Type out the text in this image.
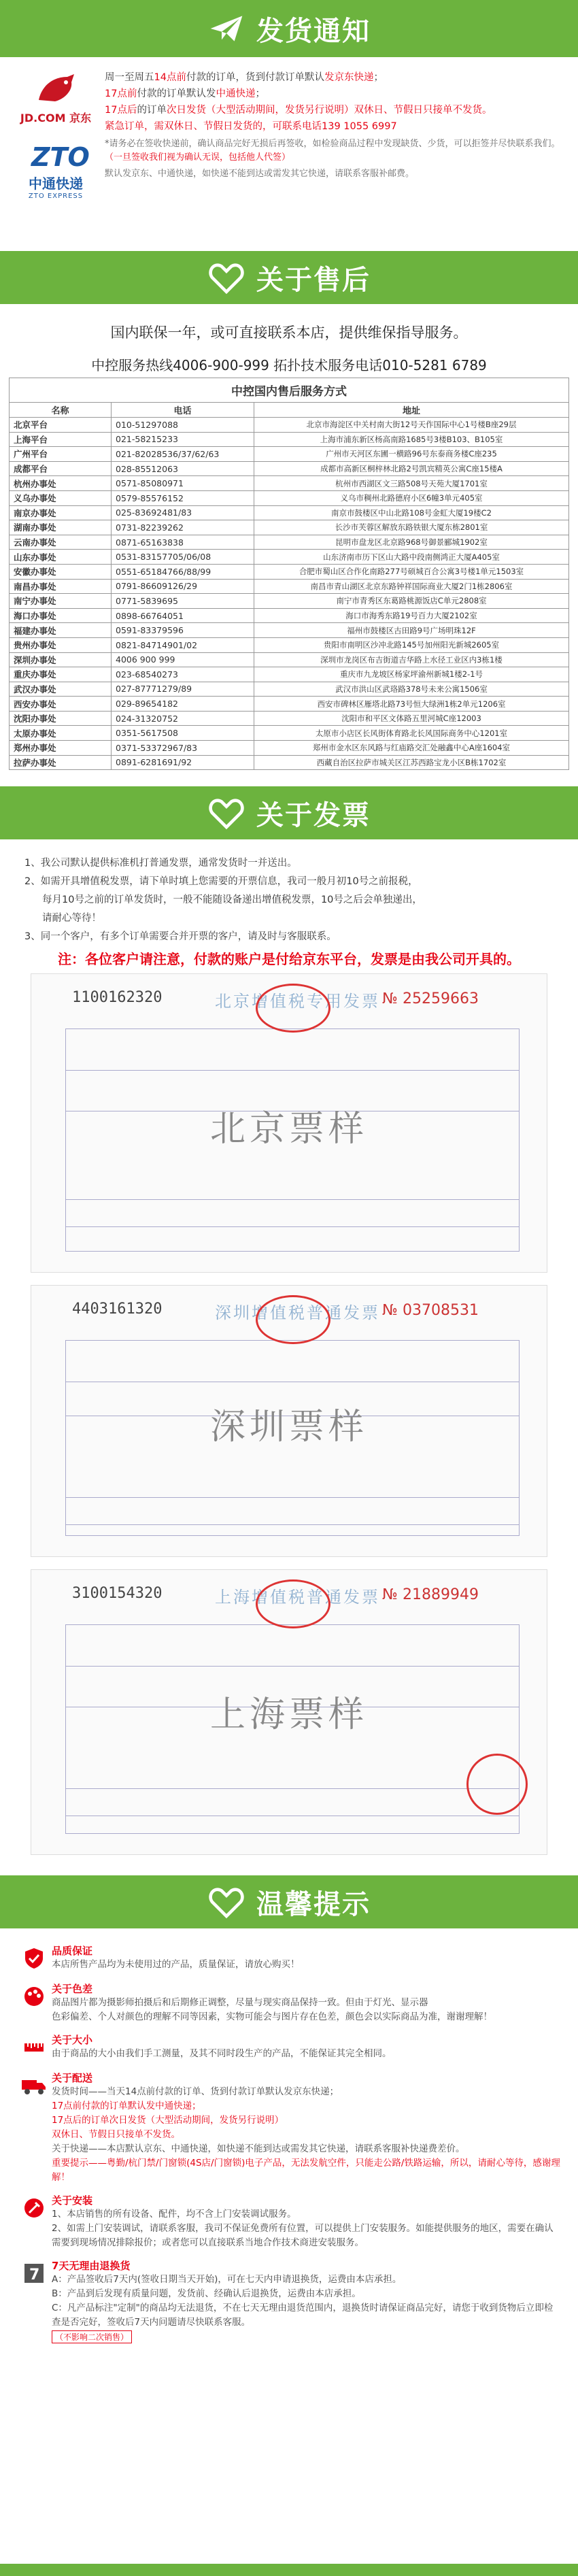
发货通知
JD.COM 京东
ZTO
中通快递
ZTO EXPRESS

周一至周五14点前付款的订单，货到付款订单默认发京东快递；

17点前付款的订单默认发中通快递；

17点后的订单次日发货（大型活动期间，发货另行说明）双休日、节假日只接单不发货。

紧急订单，需双休日、节假日发货的，可联系电话139 1055 6997

*请务必在签收快递前，确认商品完好无损后再签收，如检验商品过程中发现缺货、少货，可以拒签并尽快联系我们。（一旦签收我们视为确认无误，包括他人代签）

默认发京东、中通快递，如快递不能到达或需发其它快递，请联系客服补邮费。

关于售后

国内联保一年，或可直接联系本店，提供维保指导服务。

中控服务热线4006-900-999 拓扑技术服务电话010-5281 6789

中控国内售后服务方式
名称	电话	地址
北京平台	010-51297088	北京市海淀区中关村南大街12号天作国际中心1号楼B座29层
上海平台	021-58215233	上海市浦东新区杨高南路1685号3楼B103、B105室
广州平台	021-82028536/37/62/63	广州市天河区东圃一横路96号东泰商务楼C座235
成都平台	028-85512063	成都市高新区桐梓林北路2号凯宾精英公寓C座15楼A
杭州办事处	0571-85080971	杭州市西湖区文三路508号天苑大厦1701室
义乌办事处	0579-85576152	义乌市稠州北路德府小区6幢3单元405室
南京办事处	025-83692481/83	南京市鼓楼区中山北路108号金虹大厦19楼C2
湖南办事处	0731-82239262	长沙市芙蓉区解放东路铁银大厦东栋2801室
云南办事处	0871-65163838	昆明市盘龙区北京路968号御景郦城1902室
山东办事处	0531-83157705/06/08	山东济南市历下区山大路中段南侧鸿正大厦A405室
安徽办事处	0551-65184766/88/99	合肥市蜀山区合作化南路277号硕城百合公寓3号楼1单元1503室
南昌办事处	0791-86609126/29	南昌市青山湖区北京东路钟祥国际商业大厦2门1栋2806室
南宁办事处	0771-5839695	南宁市青秀区东葛路桃源饭店C单元2808室
海口办事处	0898-66764051	海口市海秀东路19号百力大厦2102室
福建办事处	0591-83379596	福州市鼓楼区古田路9号广场明珠12F
贵州办事处	0821-84714901/02	贵阳市南明区沙冲北路145号加州阳光新城2605室
深圳办事处	4006 900 999	深圳市龙岗区布吉街道吉华路上水径工业区内3栋1楼
重庆办事处	023-68540273	重庆市九龙坡区杨家坪渝州新城1楼2-1号
武汉办事处	027-87771279/89	武汉市洪山区武珞路378号未来公寓1506室
西安办事处	029-89654182	西安市碑林区雁塔北路73号恒大绿洲1栋2单元1206室
沈阳办事处	024-31320752	沈阳市和平区文体路五里河城C座12003
太原办事处	0351-5617508	太原市小店区长风街体育路北长风国际商务中心1201室
郑州办事处	0371-53372967/83	郑州市金水区东风路与红庙路交汇处融鑫中心A座1604室
拉萨办事处	0891-6281691/92	西藏自治区拉萨市城关区江苏西路宝龙小区B栋1702室
关于发票

1、我公司默认提供标准机打普通发票，通常发货时一并送出。

2、如需开具增值税发票，请下单时填上您需要的开票信息，我司一般月初10号之前报税，

每月10号之前的订单发货时，一般不能随设备递出增值税发票，10号之后会单独递出，

请耐心等待！

3、同一个客户，有多个订单需要合并开票的客户，请及时与客服联系。

注：各位客户请注意，付款的账户是付给京东平台，发票是由我公司开具的。

1100162320	北京增值税专用发票 № 25259663
北京票样
4403161320	深圳增值税普通发票 № 03708531
深圳票样
3100154320	上海增值税普通发票 № 21889949
上海票样
温馨提示
品质保证

本店所售产品均为未使用过的产品，质量保证，请放心购买！

关于色差

商品图片都为摄影师拍摄后和后期修正调整，尽量与现实商品保持一致。但由于灯光、显示器

色彩偏差、个人对颜色的理解不同等因素，实物可能会与图片存在色差，颜色会以实际商品为准，谢谢理解！

关于大小

由于商品的大小由我们手工测量，及其不同时段生产的产品，不能保证其完全相同。

关于配送

发货时间——当天14点前付款的订单、货到付款订单默认发京东快递；

17点前付款的订单默认发中通快递；

17点后的订单次日发货（大型活动期间，发货另行说明）

双休日、节假日只接单不发货。

关于快递——本店默认京东、中通快递，如快递不能到达或需发其它快递，请联系客服补快递费差价。

重要提示——粤勤/杭门禁/门窗锁(4S店/门窗锁)电子产品，无法发航空件，只能走公路/铁路运输，所以，请耐心等待，感谢理解！

关于安装

1、本店销售的所有设备、配件，均不含上门安装调试服务。

2、如需上门安装调试，请联系客服，我司不保证免费所有位置，可以提供上门安装服务。如能提供服务的地区，需要在确认需要到现场情况排除报价；或者您可以直接联系当地合作技术商进安装服务。

7
7天无理由退换货

A：产品签收后7天内(签收日期当天开始)，可在七天内申请退换货，运费由本店承担。

B：产品到后发现有质量问题，发货前、经确认后退换货，运费由本店承担。

C：凡产品标注"定制"的商品均无法退货，不在七天无理由退货范围内，退换货时请保证商品完好，请您于收到货物后立即检查是否完好，签收后7天内问题请尽快联系客服。

（不影响二次销售）
